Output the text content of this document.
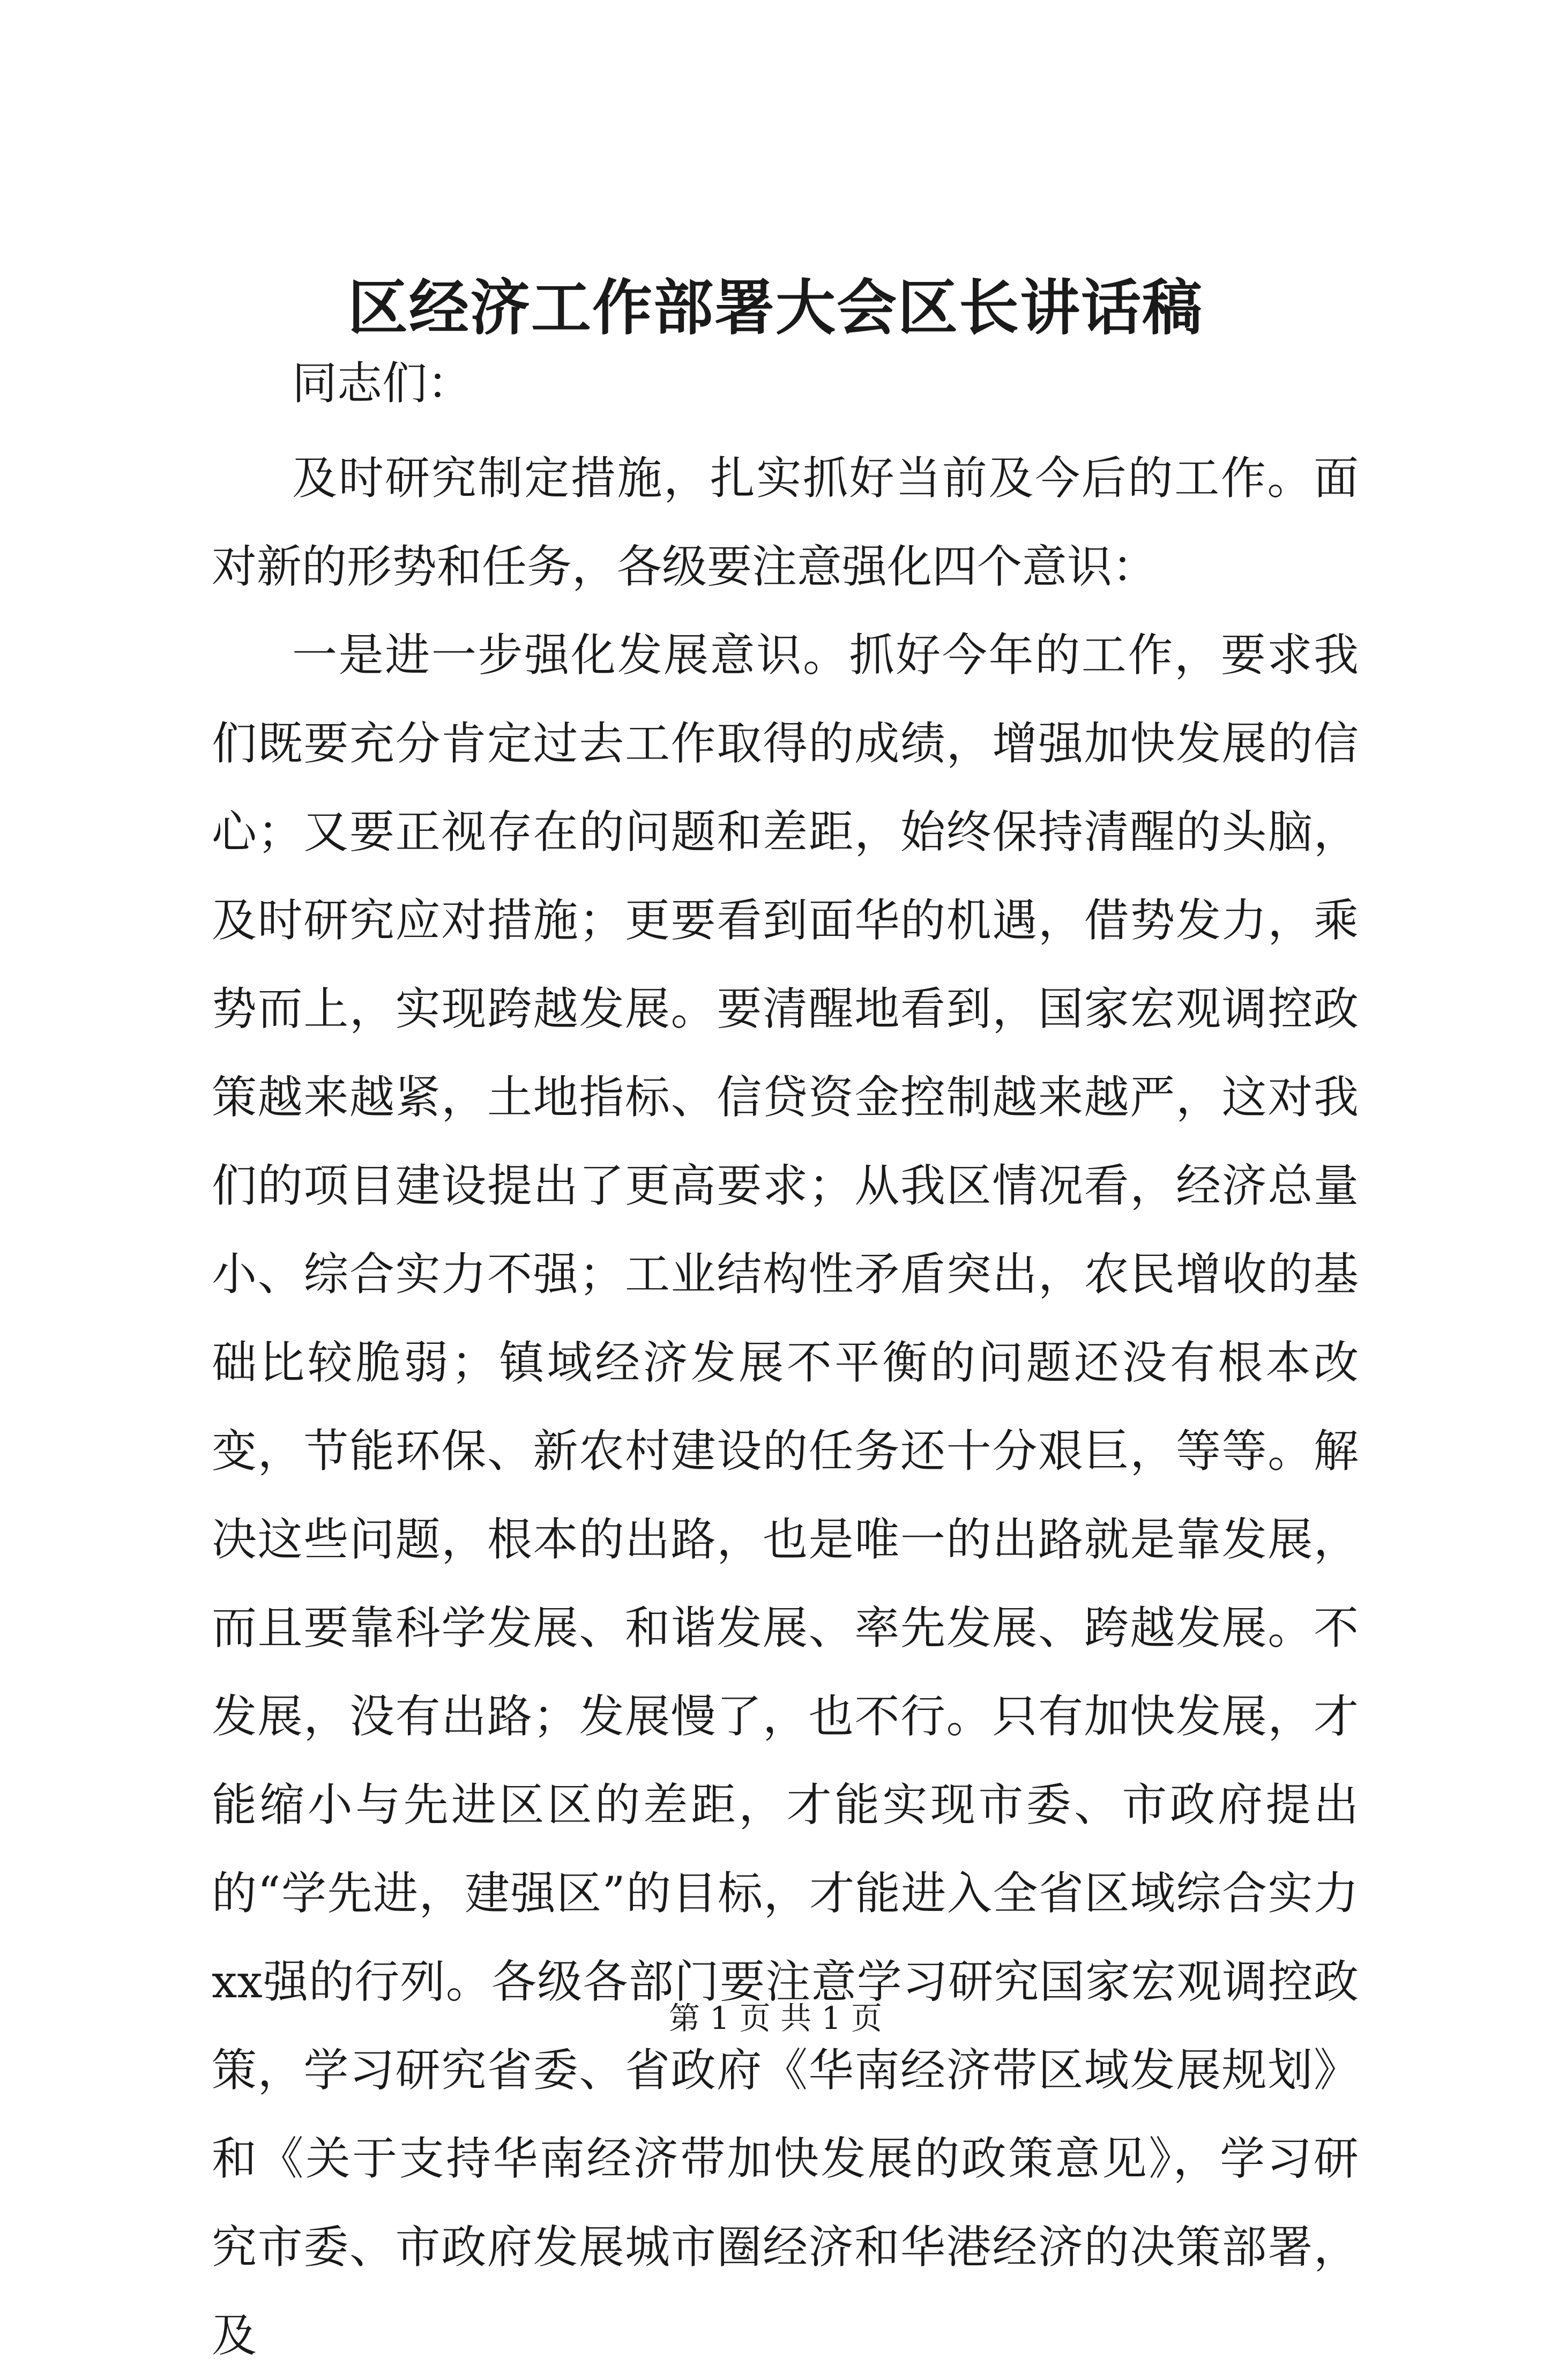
区经济工作部署大会区长讲话稿

同志们：

及时研究制定措施，扎实抓好当前及今后的工作。面对新的形势和任务，各级要注意强化四个意识：

一是进一步强化发展意识。抓好今年的工作，要求我们既要充分肯定过去工作取得的成绩，增强加快发展的信心；又要正视存在的问题和差距，始终保持清醒的头脑，及时研究应对措施；更要看到面华的机遇，借势发力，乘势而上，实现跨越发展。要清醒地看到，国家宏观调控政策越来越紧，土地指标、信贷资金控制越来越严，这对我们的项目建设提出了更高要求；从我区情况看，经济总量小、综合实力不强；工业结构性矛盾突出，农民增收的基础比较脆弱；镇域经济发展不平衡的问题还没有根本改变，节能环保、新农村建设的任务还十分艰巨，等等。解决这些问题，根本的出路，也是唯一的出路就是靠发展，而且要靠科学发展、和谐发展、率先发展、跨越发展。不发展，没有出路；发展慢了，也不行。只有加快发展，才能缩小与先进区区的差距，才能实现市委、市政府提出的“学先进，建强区”的目标，才能进入全省区域综合实力xx强的行列。各级各部门要注意学习研究国家宏观调控政策，学习研究省委、省政府《华南经济带区域发展规划》和《关于支持华南经济带加快发展的政策意见》，学习研究市委、市政府发展城市圈经济和华港经济的决策部署，及

第 1 页 共 1 页
